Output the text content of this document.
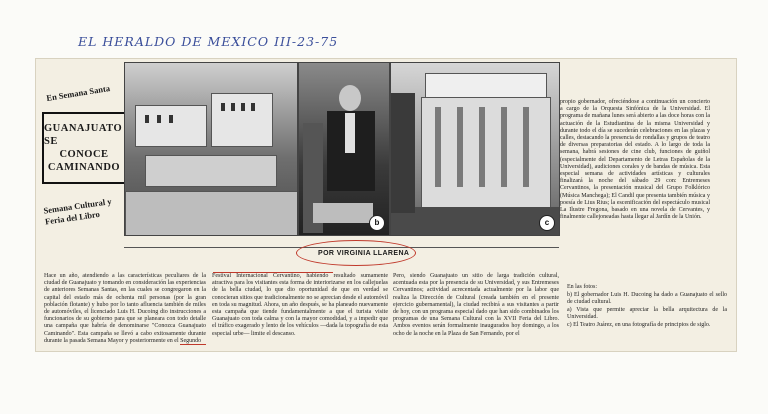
EL HERALDO DE MEXICO III-23-75
En Semana Santa
GUANAJUATO SE
CONOCE
CAMINANDO
Semana Cultural y Feria del Libro	b	c
POR VIRGINIA LLARENA

Hace un año, atendiendo a las características peculiares de la ciudad de Guanajuato y tomando en consideración las experiencias de anteriores Semanas Santas, en las cuales se congregaron en la capital del estado más de ochenta mil personas (por la gran población flotante) y hubo por lo tanto afluencia también de miles de automóviles, el licenciado Luis H. Ducoing dio instrucciones a funcionarios de su gobierno para que se planeara con todo detalle una campaña que habría de denominarse "Conozca Guanajuato Caminando". Esta campaña se llevó a cabo exitosamente durante durante la pasada Semana Mayor y posteriormente en el Segundo

Festival Internacional Cervantino, habiendo resultado sumamente atractiva para los visitantes esta forma de interiorizarse en los callejuelas de la bella ciudad, lo que dio oportunidad de que en verdad se conocieran sitios que tradicionalmente no se aprecian desde el automóvil en toda su magnitud. Ahora, un año después, se ha planeado nuevamente esta campaña que tiende fundamentalmente a que el turista visite Guanajuato con toda calma y con la mayor comodidad, y a impedir que el tráfico exagerado y lento de los vehículos —dada la topografía de esta especial urbe— limite el descanso.

Pero, siendo Guanajuato un sitio de larga tradición cultural, acentuada esta por la presencia de su Universidad, y sus Entremeses Cervantinos; actividad acrecentada actualmente por la labor que realiza la Dirección de Cultural (creada también en el presente ejercicio gubernamental), la ciudad recibirá a sus visitantes a partir de hoy, con un programa especial dado que han sido combinados los programas de una Semana Cultural con la XVII Feria del Libro. Ambos eventos serán formalmente inaugurados hoy domingo, a los ocho de la noche en la Plaza de San Fernando, por el

propio gobernador, ofreciéndose a continuación un concierto a cargo de la Orquesta Sinfónica de la Universidad. El programa de mañana lunes será abierto a las doce horas con la actuación de la Estudiantina de la misma Universidad y durante todo el día se sucederán celebraciones en las plazas y calles, destacando la presencia de rondallas y grupos de teatro de diversas preparatorias del estado. A lo largo de toda la semana, habrá sesiones de cine club, funciones de guiñol (especialmente del Departamento de Letras Españolas de la Universidad), audiciones corales y de bandas de música. Esta especial semana de actividades artísticas y culturales finalizará la noche del sábado 29 con: Entremeses Cervantinos, la presentación musical del Grupo Folklórico (Música Manchega); El Candil que presenta también música y poesía de Lius Rius; la escenificación del espectáculo musical La Ilustre Fregona, basado en una novela de Cervantes, y finalmente callejoneadas hasta llegar al Jardín de la Unión.

En las fotos:

b) El gobernador Luis H. Ducoing ha dado a Guanajuato el sello de ciudad cultural.

a) Vista que permite apreciar la bella arquitectura de la Universidad.

c) El Teatro Juárez, en una fotografía de principios de siglo.
